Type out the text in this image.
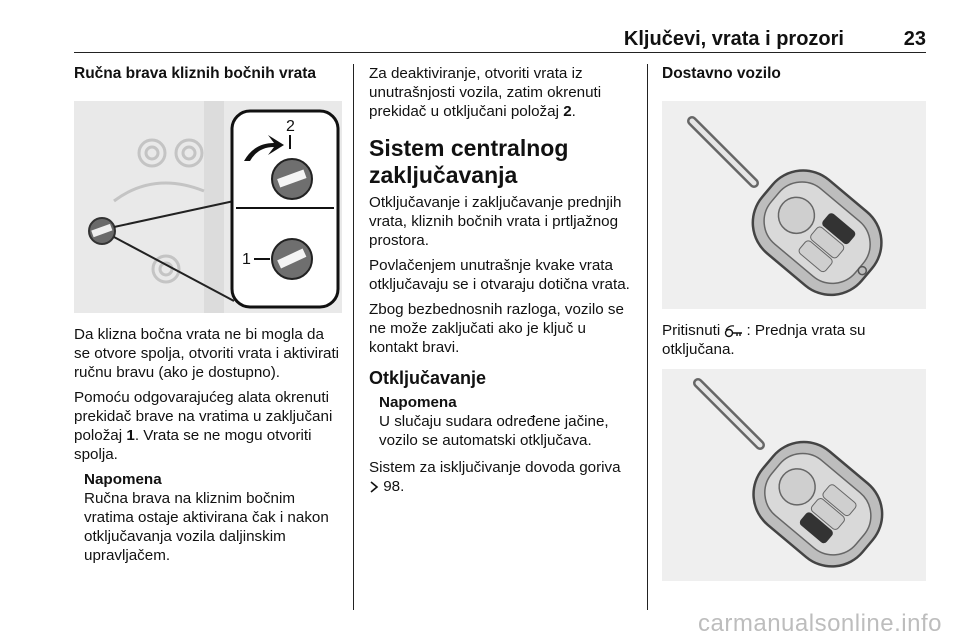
Ključevi, vrata i prozori	23
Ručna brava kliznih bočnih vrata
2
1

Da klizna bočna vrata ne bi mogla da se otvore spolja, otvoriti vrata i aktivirati ručnu bravu (ako je dostupno).

Pomoću odgovarajućeg alata okrenuti prekidač brave na vratima u zaključani položaj 1. Vrata se ne mogu otvoriti spolja.

Napomena
Ručna brava na kliznim bočnim vratima ostaje aktivirana čak i nakon otključavanja vozila daljinskim upravljačem.

Za deaktiviranje, otvoriti vrata iz unutrašnjosti vozila, zatim okrenuti prekidač u otključani položaj 2.

Sistem centralnog zaključavanja

Otključavanje i zaključavanje prednjih vrata, kliznih bočnih vrata i prtljažnog prostora.

Povlačenjem unutrašnje kvake vrata otključavaju se i otvaraju dotična vrata.

Zbog bezbednosnih razloga, vozilo se ne može zaključati ako je ključ u kontakt bravi.

Otključavanje
Napomena
U slučaju sudara određene jačine, vozilo se automatski otključava.

Sistem za isključivanje dovoda goriva
98.

Dostavno vozilo

Pritisnuti : Prednja vrata su otključana.

carmanualsonline.info
